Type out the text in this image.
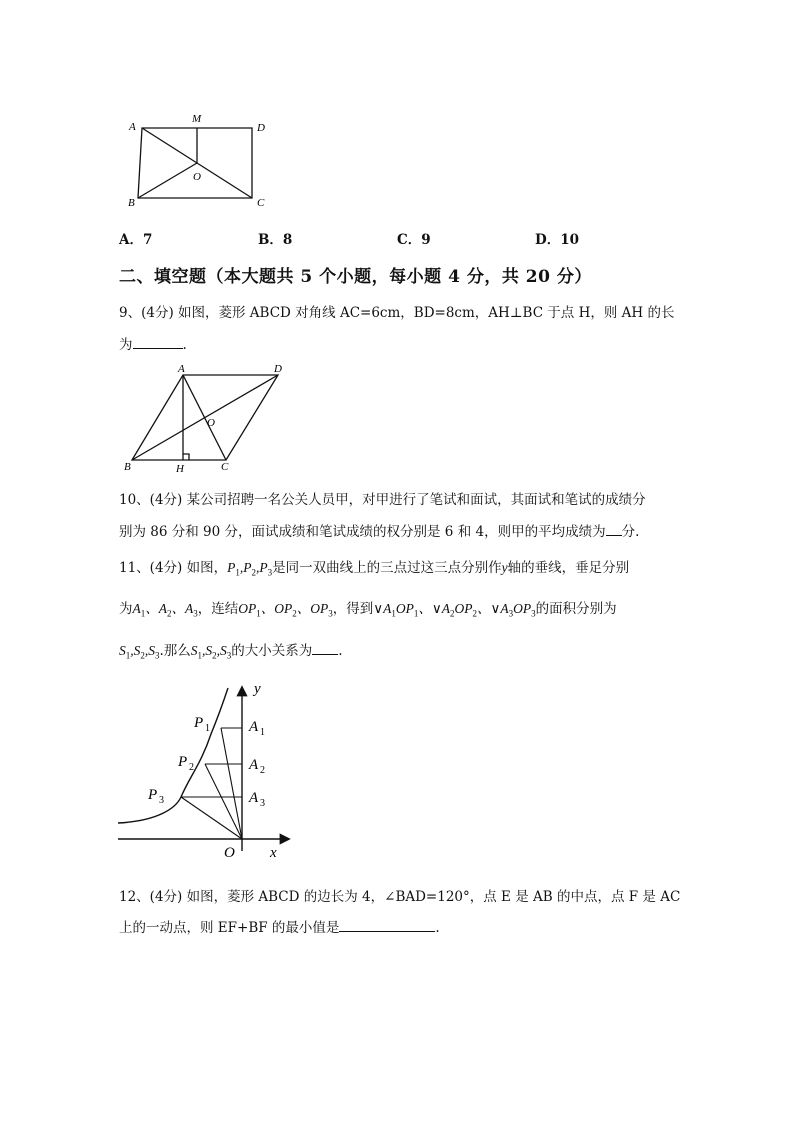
A
M
D
O
B	C
A．7	B．8	C．9	D．10
二、填空题（本大题共 5 个小题，每小题 4 分，共 20 分）
9、(4分) 如图，菱形 ABCD 对角线 AC=6cm，BD=8cm，AH⊥BC 于点 H，则 AH 的长
为	.
A	D
O
B	H	C
10、(4分) 某公司招聘一名公关人员甲，对甲进行了笔试和面试，其面试和笔试的成绩分
别为 86 分和 90 分，面试成绩和笔试成绩的权分别是 6 和 4，则甲的平均成绩为 分.
11、(4分) 如图，$P_1,P_2,P_3$是同一双曲线上的三点过这三点分别作y轴的垂线，垂足分别
为$A_1$、$A_2$、$A_3$，连结$OP_1$、$OP_2$、$OP_3$，得到$\vee A_1OP_1$、$\vee A_2OP_2$、$\vee A_3OP_3$的面积分别为
$S_1,S_2,S_3$.那么$S_1,S_2,S_3$的大小关系为 .
y
x
O
P 1
P 2
P 3
A 1
A 2
A 3
12、(4分) 如图，菱形 ABCD 的边长为 4，∠BAD=120°，点 E 是 AB 的中点，点 F 是 AC
上的一动点，则 EF+BF 的最小值是	.
